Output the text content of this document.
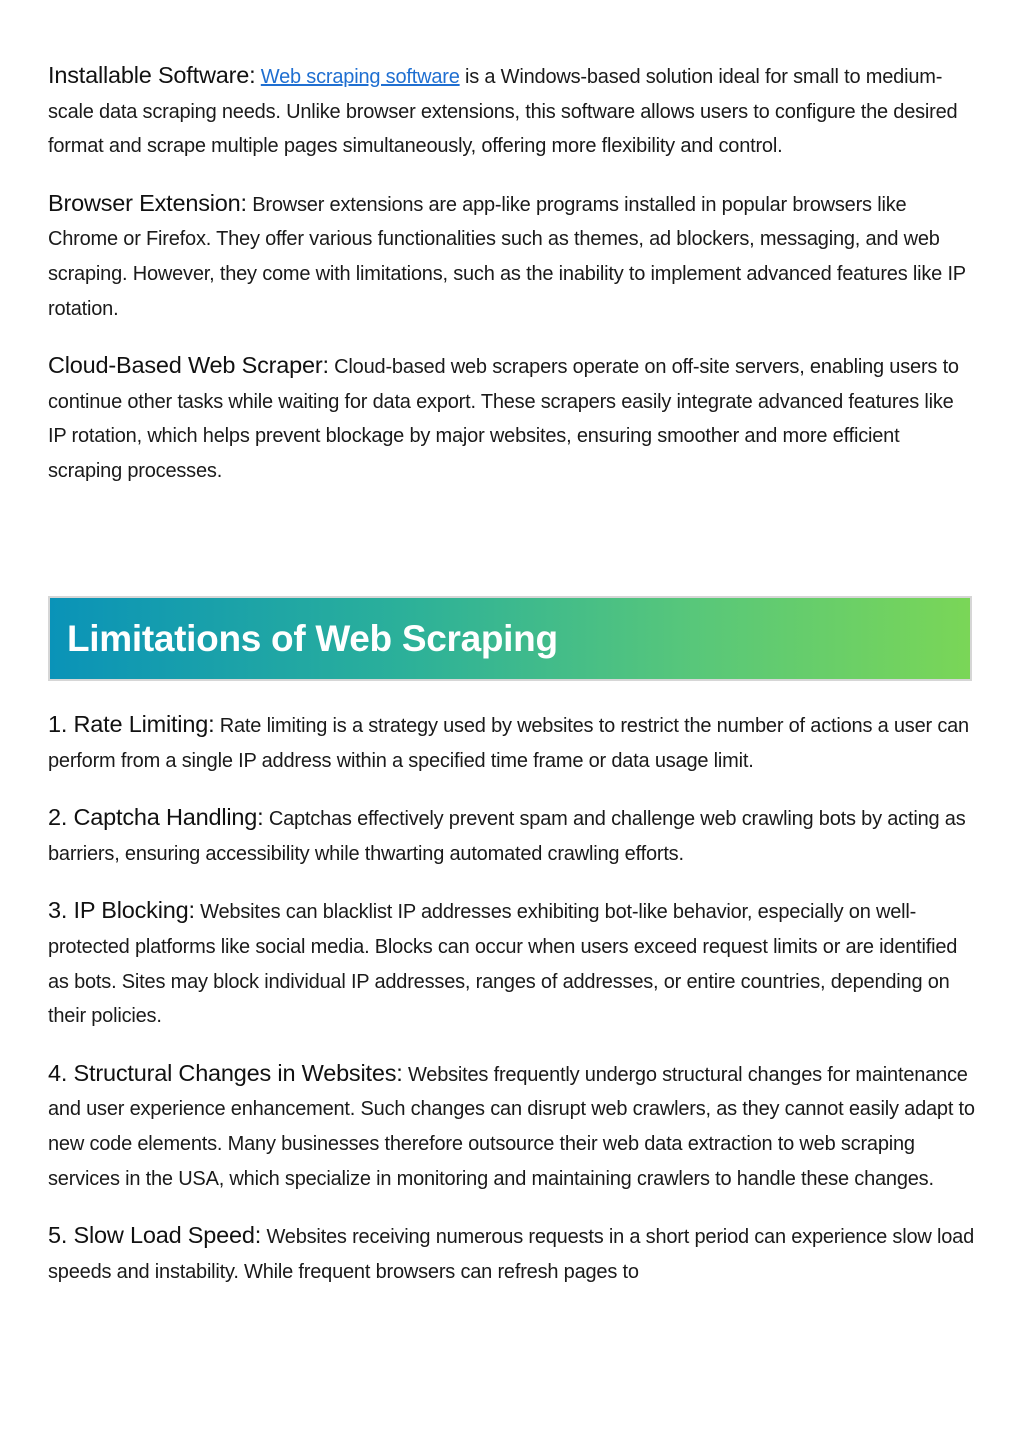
Installable Software: Web scraping software is a Windows-based solution ideal for small to medium-scale data scraping needs. Unlike browser extensions, this software allows users to configure the desired format and scrape multiple pages simultaneously, offering more flexibility and control.

Browser Extension: Browser extensions are app-like programs installed in popular browsers like Chrome or Firefox. They offer various functionalities such as themes, ad blockers, messaging, and web scraping. However, they come with limitations, such as the inability to implement advanced features like IP rotation.

Cloud-Based Web Scraper: Cloud-based web scrapers operate on off-site servers, enabling users to continue other tasks while waiting for data export. These scrapers easily integrate advanced features like IP rotation, which helps prevent blockage by major websites, ensuring smoother and more efficient scraping processes.

Limitations of Web Scraping

1. Rate Limiting: Rate limiting is a strategy used by websites to restrict the number of actions a user can perform from a single IP address within a specified time frame or data usage limit.

2. Captcha Handling: Captchas effectively prevent spam and challenge web crawling bots by acting as barriers, ensuring accessibility while thwarting automated crawling efforts.

3. IP Blocking: Websites can blacklist IP addresses exhibiting bot-like behavior, especially on well-protected platforms like social media. Blocks can occur when users exceed request limits or are identified as bots. Sites may block individual IP addresses, ranges of addresses, or entire countries, depending on their policies.

4. Structural Changes in Websites: Websites frequently undergo structural changes for maintenance and user experience enhancement. Such changes can disrupt web crawlers, as they cannot easily adapt to new code elements. Many businesses therefore outsource their web data extraction to web scraping services in the USA, which specialize in monitoring and maintaining crawlers to handle these changes.

5. Slow Load Speed: Websites receiving numerous requests in a short period can experience slow load speeds and instability. While frequent browsers can refresh pages to
